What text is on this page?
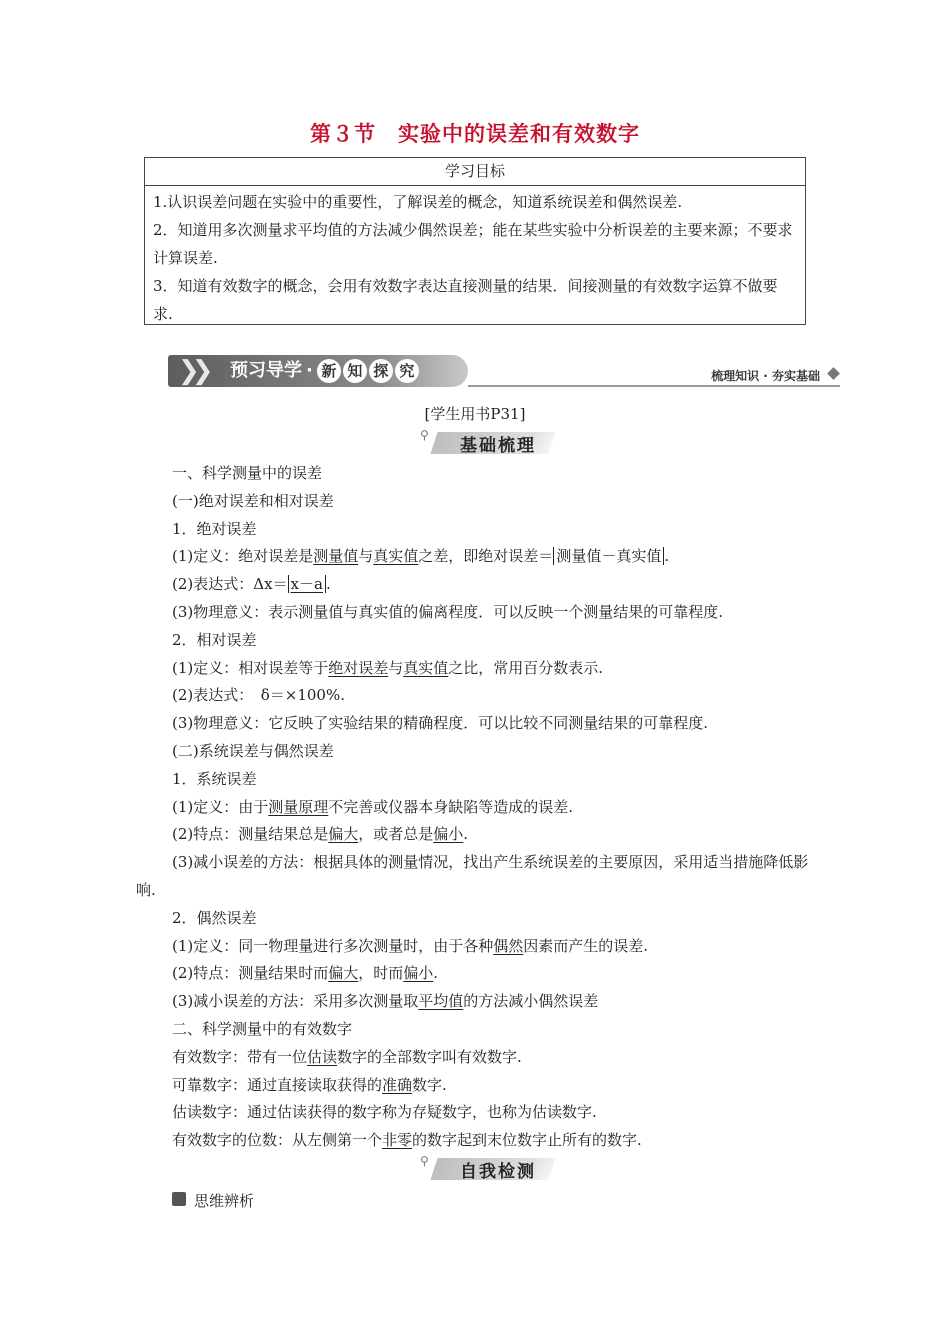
第３节　实验中的误差和有效数字
学习目标

1.认识误差问题在实验中的重要性，了解误差的概念，知道系统误差和偶然误差.

2．知道用多次测量求平均值的方法减少偶然误差；能在某些实验中分析误差的主要来源；不要求计算误差.

3．知道有效数字的概念，会用有效数字表达直接测量的结果．间接测量的有效数字运算不做要求.

❯❯ 预习导学 · 新 知 探 究	梳理知识 · 夯实基础
[学生用书P31]
⚲
基础梳理

一、科学测量中的误差

(一)绝对误差和相对误差

1．绝对误差

(1)定义：绝对误差是测量值与真实值之差，即绝对误差＝ 测量值－真实值 .

(2)表达式：Δx＝ x－a .

(3)物理意义：表示测量值与真实值的偏离程度．可以反映一个测量结果的可靠程度.

2．相对误差

(1)定义：相对误差等于绝对误差与真实值之比，常用百分数表示.

(2)表达式：　δ＝×100%.

(3)物理意义：它反映了实验结果的精确程度．可以比较不同测量结果的可靠程度.

(二)系统误差与偶然误差

1．系统误差

(1)定义：由于测量原理不完善或仪器本身缺陷等造成的误差.

(2)特点：测量结果总是偏大，或者总是偏小.

(3)减小误差的方法：根据具体的测量情况，找出产生系统误差的主要原因，采用适当措施降低影响.

2．偶然误差

(1)定义：同一物理量进行多次测量时，由于各种偶然因素而产生的误差.

(2)特点：测量结果时而偏大，时而偏小.

(3)减小误差的方法：采用多次测量取平均值的方法减小偶然误差

二、科学测量中的有效数字

有效数字：带有一位估读数字的全部数字叫有效数字.

可靠数字：通过直接读取获得的准确数字.

估读数字：通过估读获得的数字称为存疑数字，也称为估读数字.

有效数字的位数：从左侧第一个非零的数字起到末位数字止所有的数字.

⚲
自我检测
思维辨析
